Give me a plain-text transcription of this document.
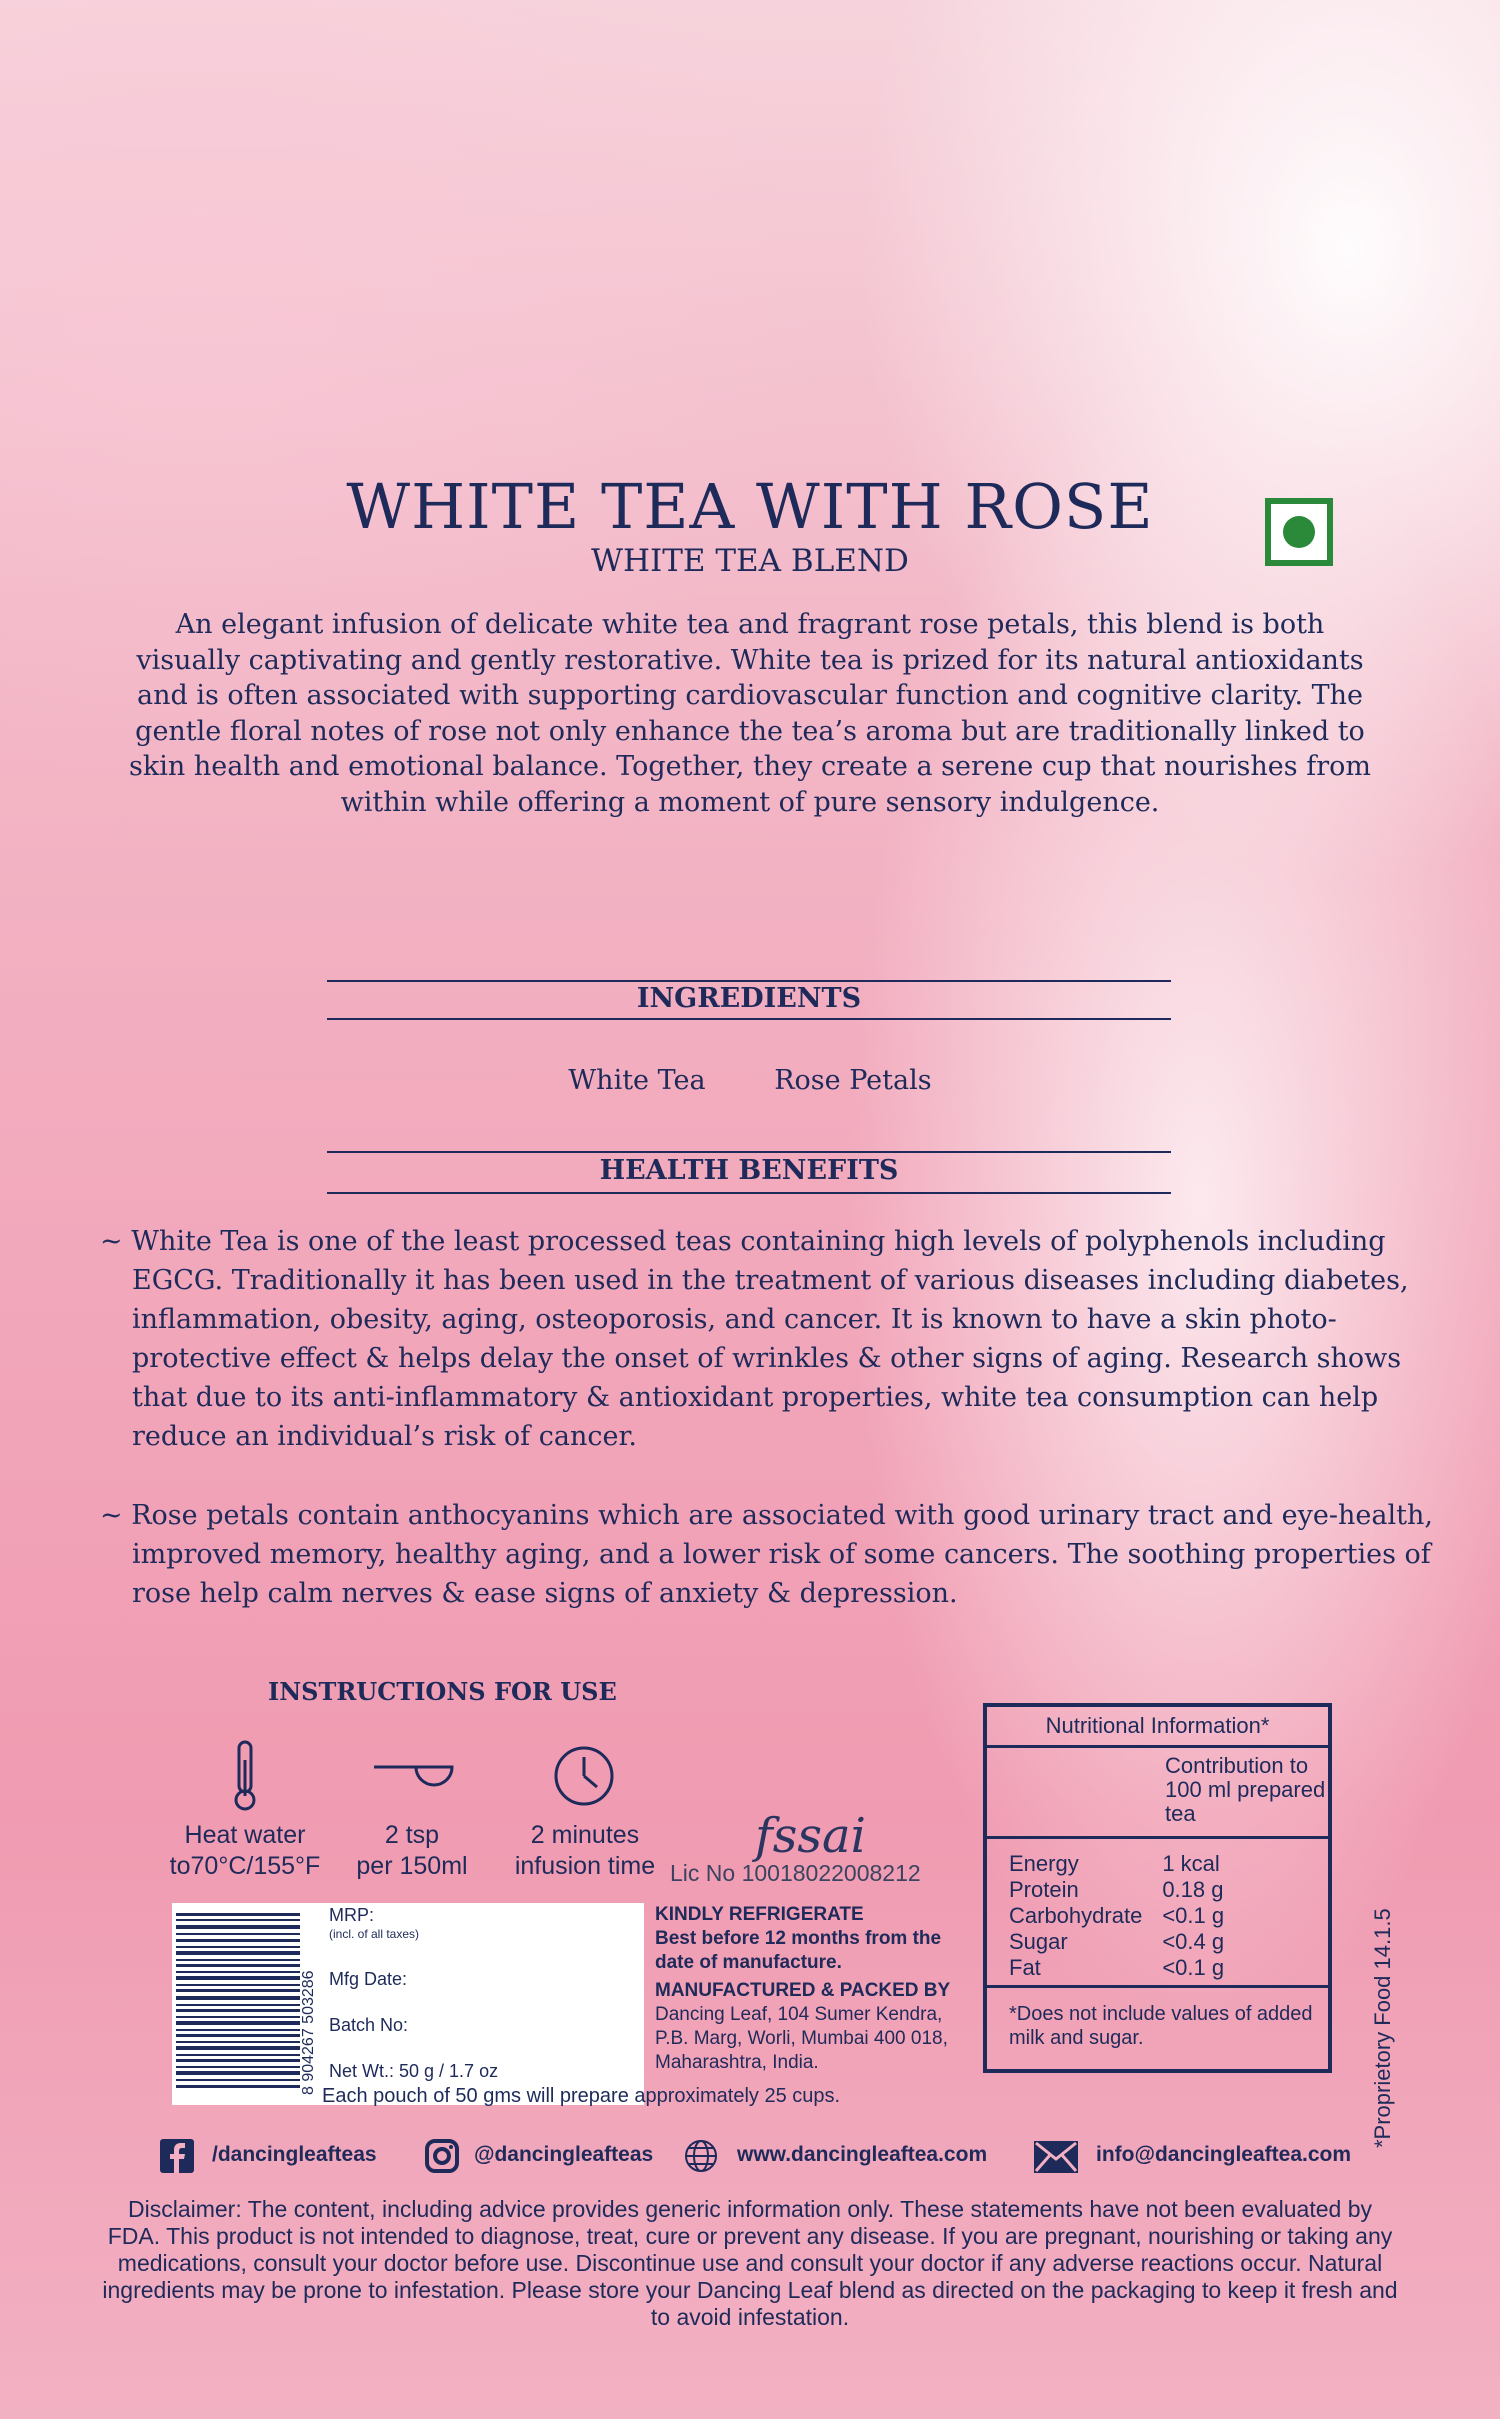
WHITE TEA WITH ROSE
WHITE TEA BLEND
An elegant infusion of delicate white tea and fragrant rose petals, this blend is both visually captivating and gently restorative. White tea is prized for its natural antioxidants and is often associated with supporting cardiovascular function and cognitive clarity. The gentle floral notes of rose not only enhance the tea’s aroma but are traditionally linked to skin health and emotional balance. Together, they create a serene cup that nourishes from within while offering a moment of pure sensory indulgence.
INGREDIENTS
White Tea	Rose Petals
HEALTH BENEFITS
~ White Tea is one of the least processed teas containing high levels of polyphenols including EGCG. Traditionally it has been used in the treatment of various diseases including diabetes, inflammation, obesity, aging, osteoporosis, and cancer. It is known to have a skin photo-protective effect & helps delay the onset of wrinkles & other signs of aging. Research shows that due to its anti-inflammatory & antioxidant properties, white tea consumption can help reduce an individual’s risk of cancer.
~ Rose petals contain anthocyanins which are associated with good urinary tract and eye-health, improved memory, healthy aging, and a lower risk of some cancers. The soothing properties of rose help calm nerves & ease signs of anxiety & depression.
INSTRUCTIONS FOR USE
Heat water
to70°C/155°F
2 tsp
per 150ml
2 minutes
infusion time
fssai
Lic No 10018022008212
8 904267 503286
MRP:
(incl. of all taxes)
Mfg Date:
Batch No:
Net Wt.: 50 g / 1.7 oz
Each pouch of 50 gms will prepare approximately 25 cups.
KINDLY REFRIGERATE
Best before 12 months from the date of manufacture.
MANUFACTURED & PACKED BY
Dancing Leaf, 104 Sumer Kendra, P.B. Marg, Worli, Mumbai 400 018, Maharashtra, India.
Nutritional Information*
Contribution to 100 ml prepared tea
Energy	1 kcal
Protein	0.18 g
Carbohydrate	<0.1 g
Sugar	<0.4 g
Fat	<0.1 g
*Does not include values of added milk and sugar.	*Proprietory Food 14.1.5
/dancingleafteas	@dancingleafteas	www.dancingleaftea.com	info@dancingleaftea.com
Disclaimer: The content, including advice provides generic information only. These statements have not been evaluated by FDA. This product is not intended to diagnose, treat, cure or prevent any disease. If you are pregnant, nourishing or taking any medications, consult your doctor before use. Discontinue use and consult your doctor if any adverse reactions occur. Natural ingredients may be prone to infestation. Please store your Dancing Leaf blend as directed on the packaging to keep it fresh and to avoid infestation.
